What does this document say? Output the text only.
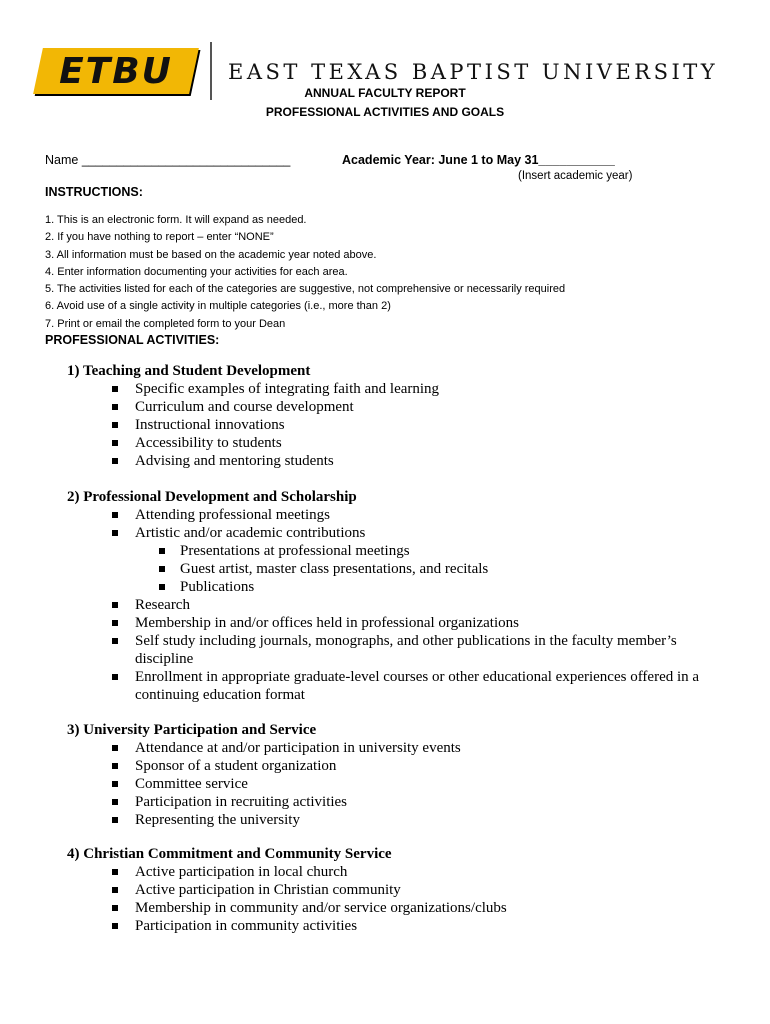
ETBU	EAST TEXAS BAPTIST UNIVERSITY
ANNUAL FACULTY REPORT
PROFESSIONAL ACTIVITIES AND GOALS
Name ______________________________	Academic Year: June 1 to May 31___________
(Insert academic year)
INSTRUCTIONS:
1. This is an electronic form. It will expand as needed.
2. If you have nothing to report – enter “NONE”
3. All information must be based on the academic year noted above.
4. Enter information documenting your activities for each area.
5. The activities listed for each of the categories are suggestive, not comprehensive or necessarily required
6. Avoid use of a single activity in multiple categories (i.e., more than 2)
7. Print or email the completed form to your Dean
PROFESSIONAL ACTIVITIES:
1) Teaching and Student Development
Specific examples of integrating faith and learning
Curriculum and course development
Instructional innovations
Accessibility to students
Advising and mentoring students
2) Professional Development and Scholarship
Attending professional meetings
Artistic and/or academic contributions
Presentations at professional meetings
Guest artist, master class presentations, and recitals
Publications
Research
Membership in and/or offices held in professional organizations
Self study including journals, monographs, and other publications in the faculty member’s discipline
Enrollment in appropriate graduate-level courses or other educational experiences offered in a continuing education format
3) University Participation and Service
Attendance at and/or participation in university events
Sponsor of a student organization
Committee service
Participation in recruiting activities
Representing the university
4) Christian Commitment and Community Service
Active participation in local church
Active participation in Christian community
Membership in community and/or service organizations/clubs
Participation in community activities
